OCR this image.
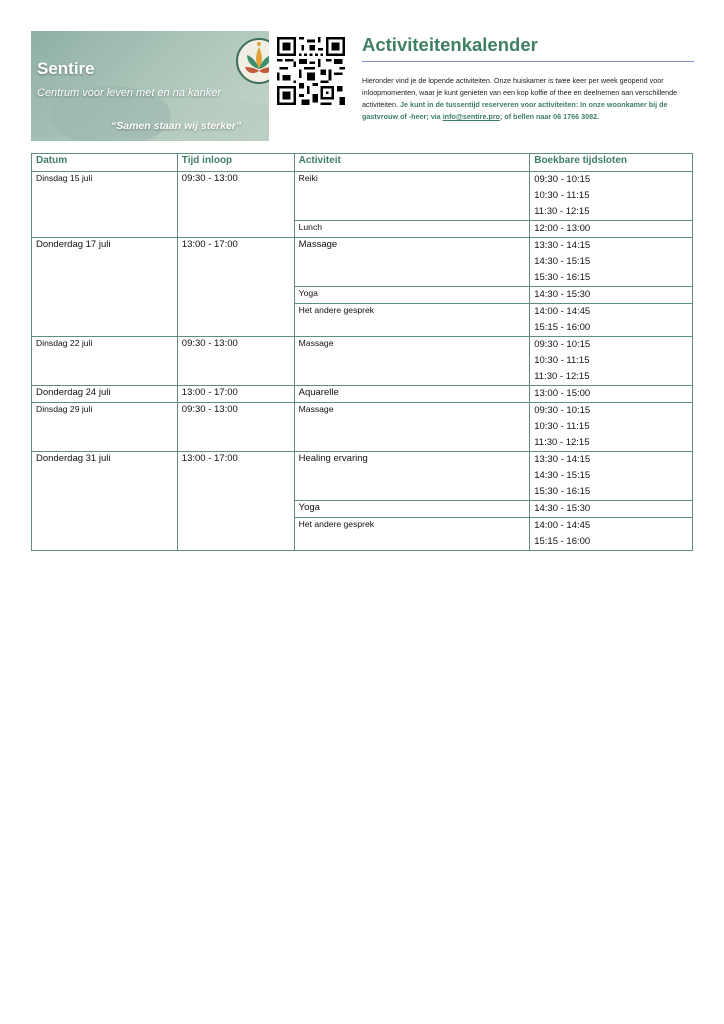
Sentire
Centrum voor leven met en na kanker
“Samen staan wij sterker”
Activiteitenkalender
Hieronder vind je de lopende activiteiten. Onze huiskamer is twee keer per week geopend voor inloopmomenten, waar je kunt genieten van een kop koffie of thee en deelnemen aan verschillende activiteiten. Je kunt in de tussentijd reserveren voor activiteiten: In onze woonkamer bij de gastvrouw of -heer; via info@sentire.pro; of bellen naar 06 1766 3082.
Datum	Tijd inloop	Activiteit	Boekbare tijdsloten
Dinsdag 15 juli	09:30 - 13:00	Reiki	09:30 - 10:15
10:30 - 11:15
11:30 - 12:15

		Lunch	12:00 - 13:00

Donderdag 17 juli	13:00 - 17:00	Massage	13:30 - 14:15
14:30 - 15:15
15:30 - 16:15

		Yoga	14:30 - 15:30

		Het andere gesprek	14:00 - 14:45
15:15 - 16:00

Dinsdag 22 juli	09:30 - 13:00	Massage	09:30 - 10:15
10:30 - 11:15
11:30 - 12:15

Donderdag 24 juli	13:00 - 17:00	Aquarelle	13:00 - 15:00

Dinsdag 29 juli	09:30 - 13:00	Massage	09:30 - 10:15
10:30 - 11:15
11:30 - 12:15

Donderdag 31 juli	13:00 - 17:00	Healing ervaring	13:30 - 14:15
14:30 - 15:15
15:30 - 16:15

		Yoga	14:30 - 15:30

		Het andere gesprek	14:00 - 14:45
15:15 - 16:00
